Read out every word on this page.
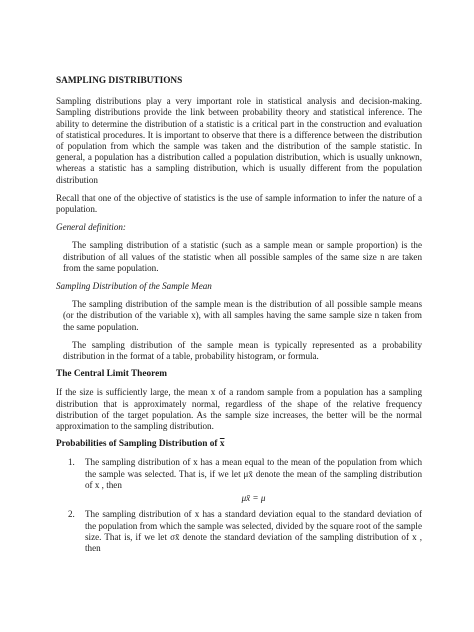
SAMPLING DISTRIBUTIONS

Sampling distributions play a very important role in statistical analysis and decision-making. Sampling distributions provide the link between probability theory and statistical inference. The ability to determine the distribution of a statistic is a critical part in the construction and evaluation of statistical procedures. It is important to observe that there is a difference between the distribution of population from which the sample was taken and the distribution of the sample statistic. In general, a population has a distribution called a population distribution, which is usually unknown, whereas a statistic has a sampling distribution, which is usually different from the population distribution

Recall that one of the objective of statistics is the use of sample information to infer the nature of a population.

General definition:

The sampling distribution of a statistic (such as a sample mean or sample proportion) is the distribution of all values of the statistic when all possible samples of the same size n are taken from the same population.

Sampling Distribution of the Sample Mean

The sampling distribution of the sample mean is the distribution of all possible sample means (or the distribution of the variable x), with all samples having the same sample size n taken from the same population.

The sampling distribution of the sample mean is typically represented as a probability distribution in the format of a table, probability histogram, or formula.

The Central Limit Theorem

If the size is sufficiently large, the mean x of a random sample from a population has a sampling distribution that is approximately normal, regardless of the shape of the relative frequency distribution of the target population. As the sample size increases, the better will be the normal approximation to the sampling distribution.

Probabilities of Sampling Distribution of x
1.	The sampling distribution of x has a mean equal to the mean of the population from which the sample was selected. That is, if we let μx̄ denote the mean of the sampling distribution of x , then
μx̄ = μ
2.	The sampling distribution of x has a standard deviation equal to the standard deviation of the population from which the sample was selected, divided by the square root of the sample size. That is, if we let σx̄ denote the standard deviation of the sampling distribution of x , then
